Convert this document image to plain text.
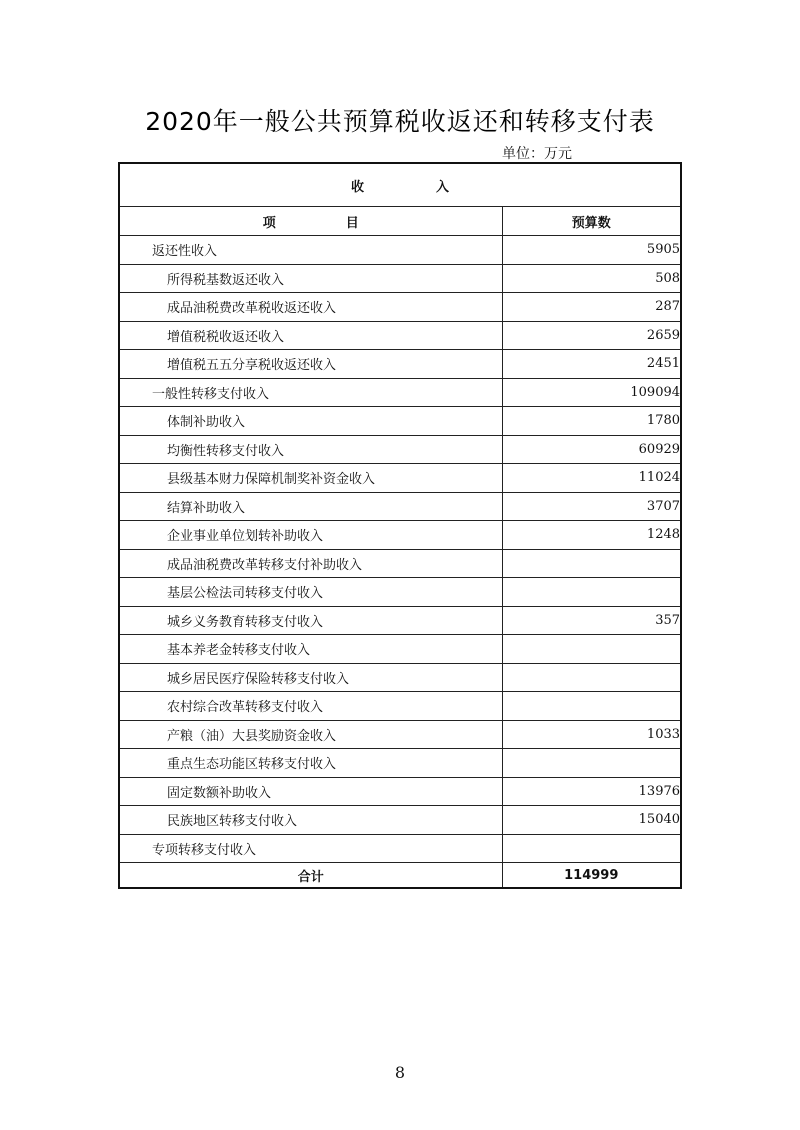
2020年一般公共预算税收返还和转移支付表
单位：万元
收入	
项目	预算数
返还性收入	5905
所得税基数返还收入	508
成品油税费改革税收返还收入	287
增值税税收返还收入	2659
增值税五五分享税收返还收入	2451
一般性转移支付收入	109094
体制补助收入	1780
均衡性转移支付收入	60929
县级基本财力保障机制奖补资金收入	11024
结算补助收入	3707
企业事业单位划转补助收入	1248
成品油税费改革转移支付补助收入	
基层公检法司转移支付收入	
城乡义务教育转移支付收入	357
基本养老金转移支付收入	
城乡居民医疗保险转移支付收入	
农村综合改革转移支付收入	
产粮（油）大县奖励资金收入	1033
重点生态功能区转移支付收入	
固定数额补助收入	13976
民族地区转移支付收入	15040
专项转移支付收入	
合计	114999
8
